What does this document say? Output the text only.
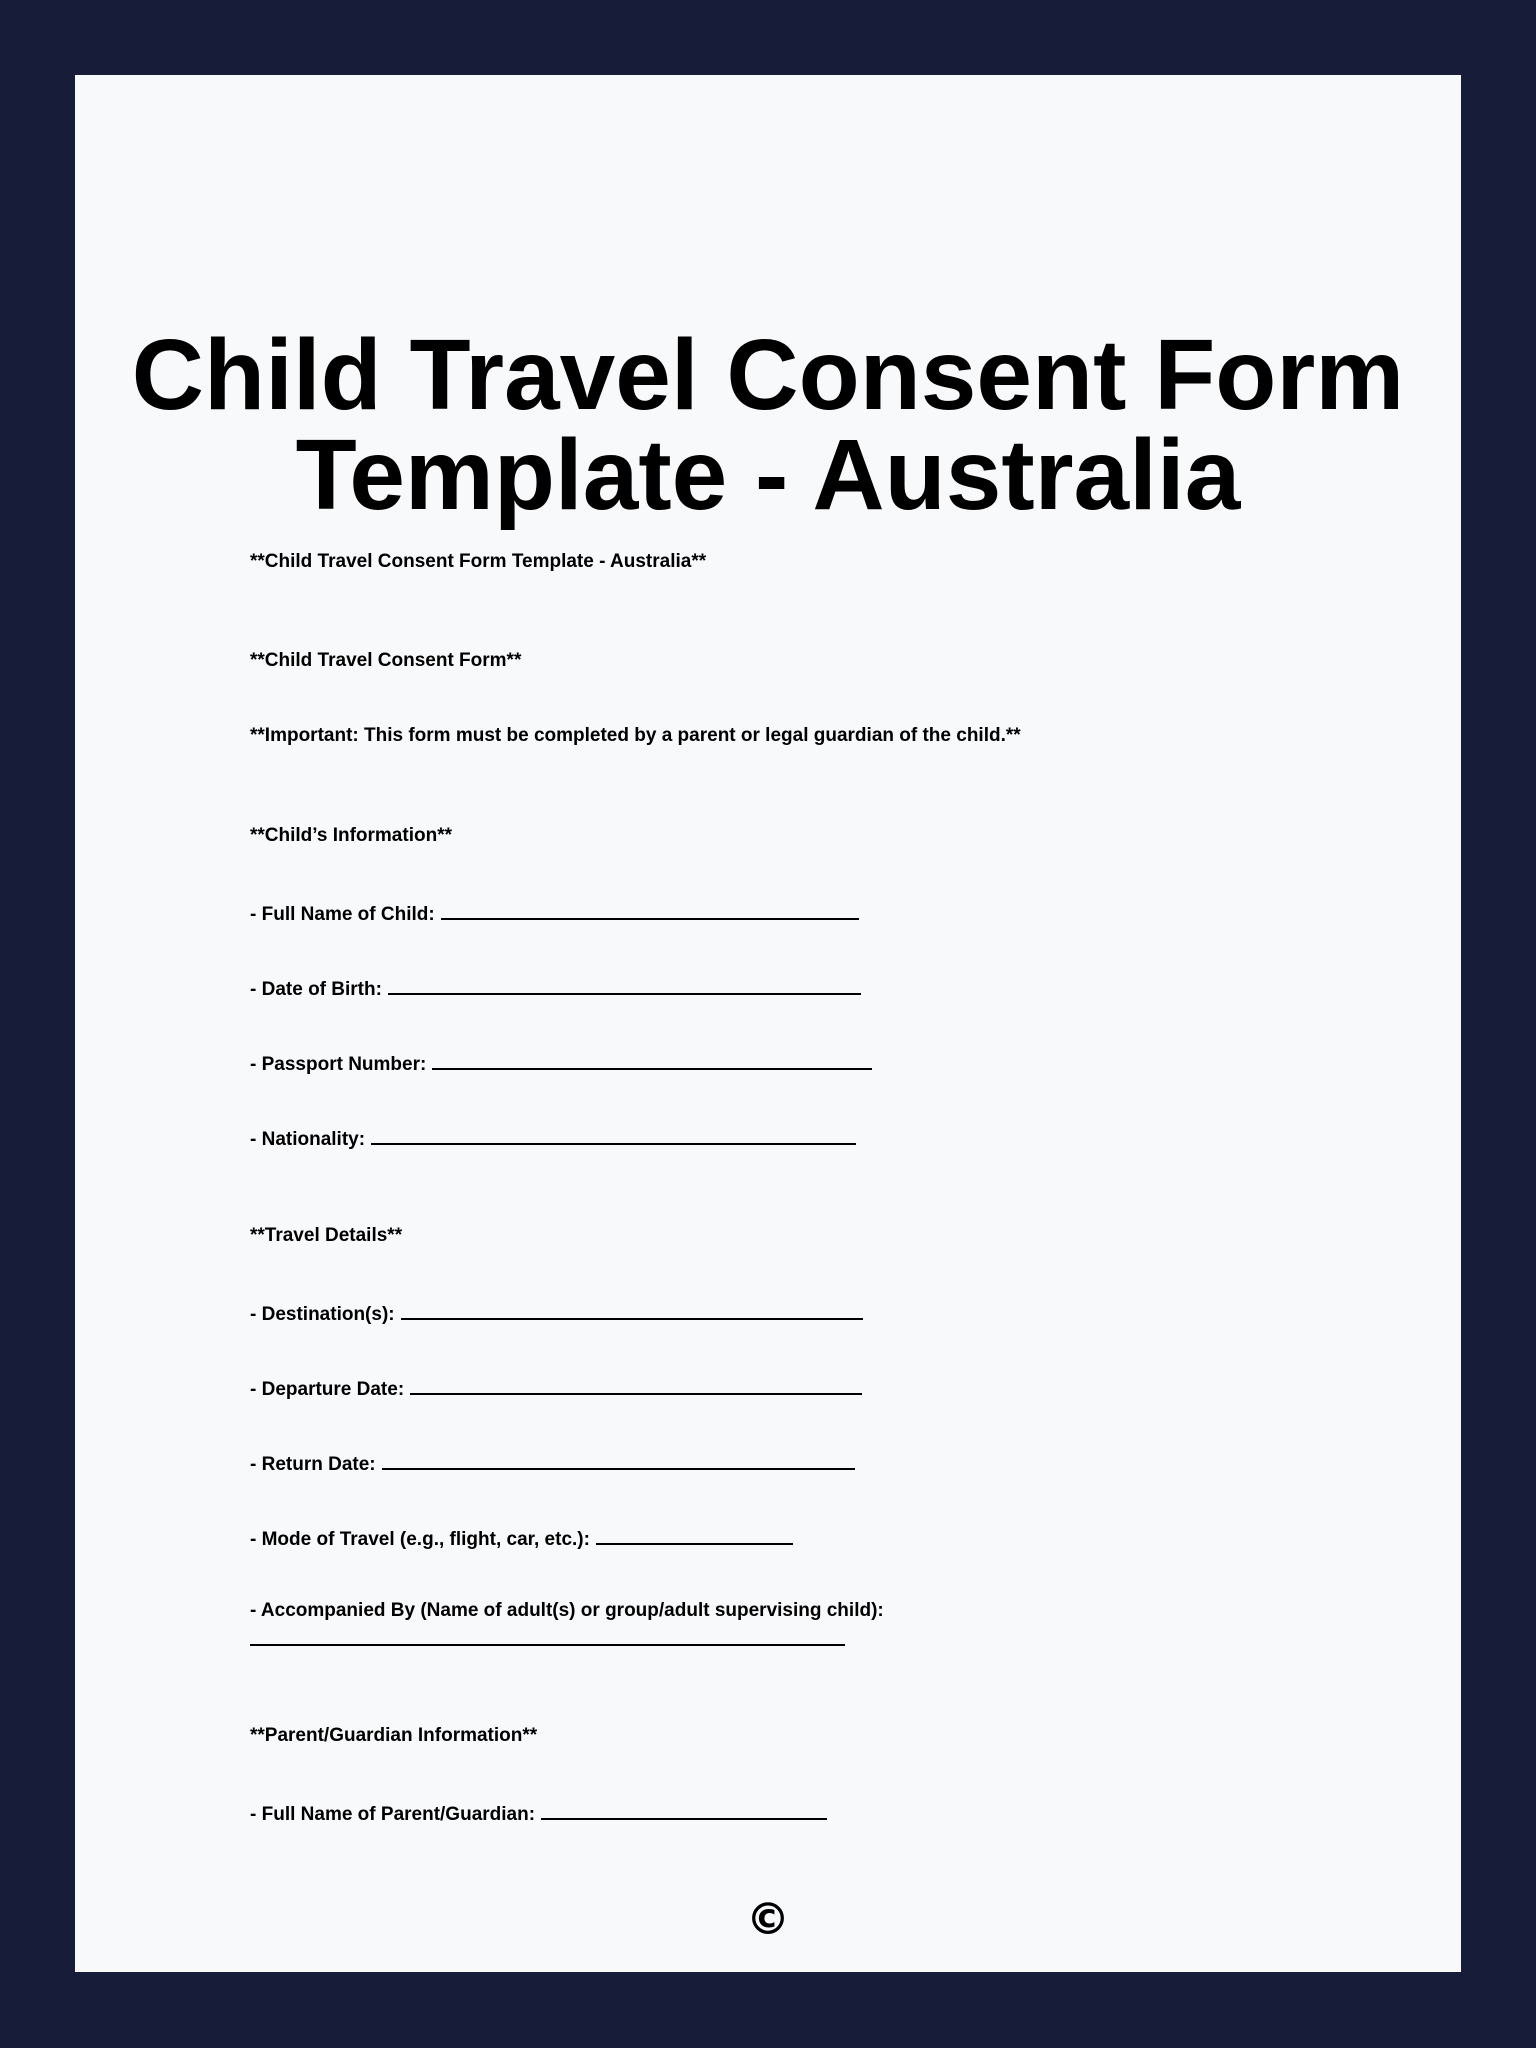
Child Travel Consent Form
Template - Australia
**Child Travel Consent Form Template - Australia**
**Child Travel Consent Form**
**Important: This form must be completed by a parent or legal guardian of the child.**
**Child’s Information**
- Full Name of Child:
- Date of Birth:
- Passport Number:
- Nationality:
**Travel Details**
- Destination(s):
- Departure Date:
- Return Date:
- Mode of Travel (e.g., flight, car, etc.):
- Accompanied By (Name of adult(s) or group/adult supervising child):
**Parent/Guardian Information**
- Full Name of Parent/Guardian:
©
